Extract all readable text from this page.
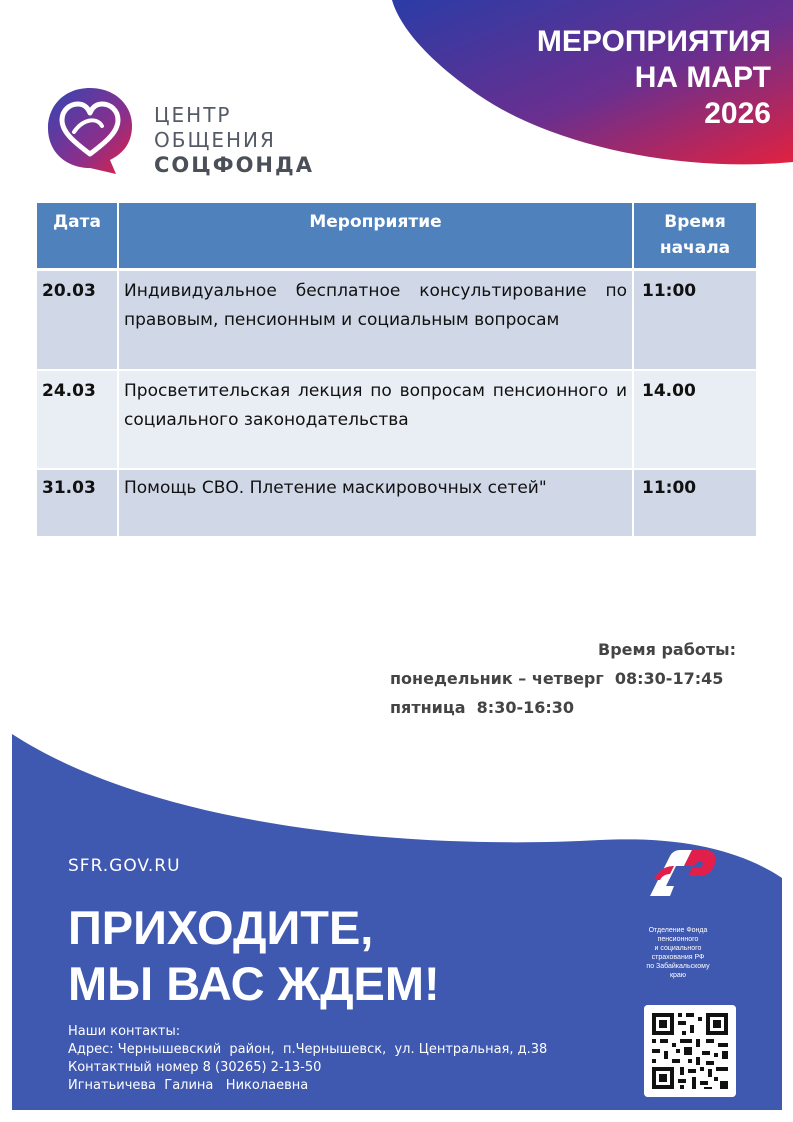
МЕРОПРИЯТИЯ
НА МАРТ
2026
ЦЕНТР
ОБЩЕНИЯ
СОЦФОНДА
Дата	Мероприятие	Время начала
20.03	Индивидуальное бесплатное консультирование по правовым, пенсионным и социальным вопросам	11:00
24.03	Просветительская лекция по вопросам пенсионного и социального законодательства	14.00
31.03	Помощь СВО. Плетение маскировочных сетей"	11:00
Время работы:
понедельник – четверг  08:30-17:45
пятница  8:30-16:30
SFR.GOV.RU
ПРИХОДИТЕ,
МЫ ВАС ЖДЕМ!
Наши контакты:
Адрес: Чернышевский  район,  п.Чернышевск,  ул. Центральная, д.38
Контактный номер 8 (30265) 2-13-50
Игнатьичева  Галина   Николаевна
Отделение Фонда
пенсионного
и социального
страхования РФ
по Забайкальскому
краю
